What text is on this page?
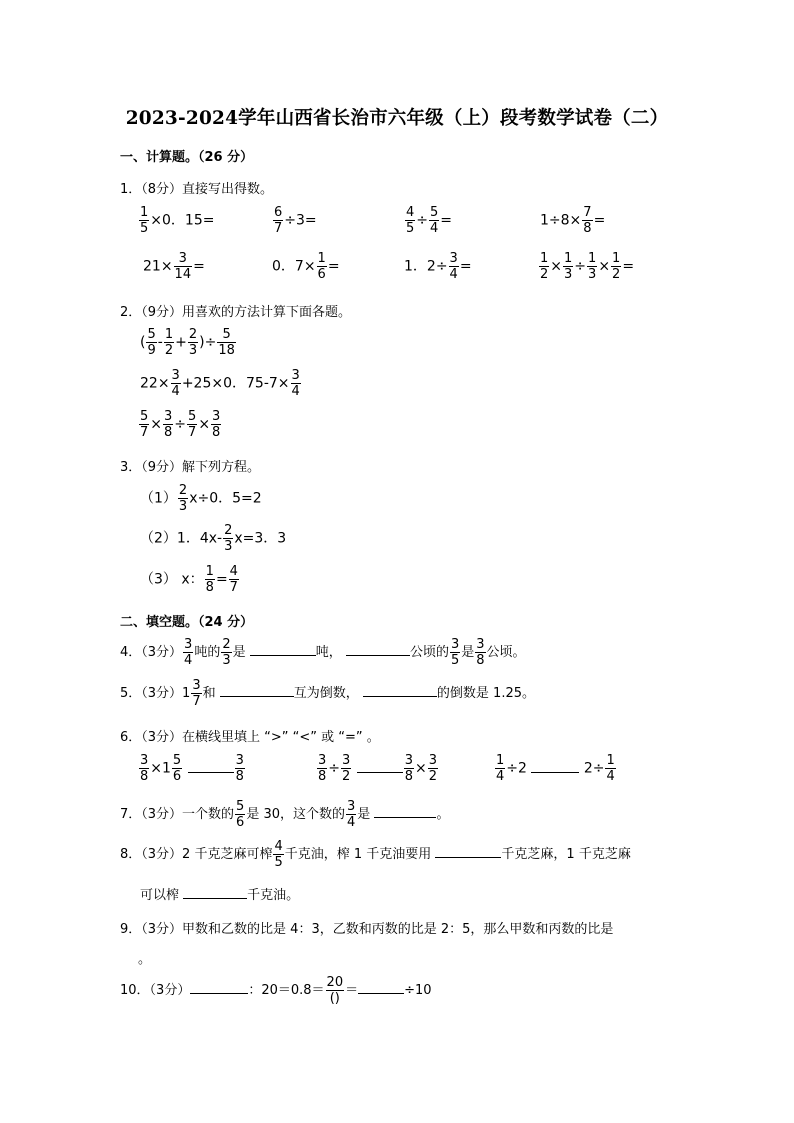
2023-2024学年山西省长治市六年级（上）段考数学试卷（二）
一、计算题。（26 分）
1．（8分）直接写出得数。
$\frac{1}{5} \times 0$．15=	$\frac{6}{7} \div 3=$	$\frac{4}{5} \div \frac{5}{4}$ =	$1\div 8\times \frac{7}{8}$ =
$21\times \frac{3}{14}$ =	0．$7\times \frac{1}{6}$ =	1．$2\div \frac{3}{4}$ =	$\frac{1}{2} \times \frac{1}{3} \div \frac{1}{3} \times \frac{1}{2}$ =
2．（9分）用喜欢的方法计算下面各题。
( $\frac{5}{9} - \frac{1}{2} + \frac{2}{3}$ )÷ $\frac{5}{18}$
$22\times \frac{3}{4} +25\times 0$．$75-7\times \frac{3}{4}$
$\frac{5}{7} \times \frac{3}{8} \div \frac{5}{7} \times \frac{3}{8}$
3．（9分）解下列方程。
$(1) \frac{2}{3} x\div 0$．5=2
（2）1．$4x- \frac{2}{3} x=3$．3
（3） x： $\frac{1}{8} = \frac{4}{7}$
二、填空题。（24 分）
4．（3分） $\frac{3}{4}$ 吨的 $\frac{2}{3}$ 是	吨，	公顷的 $\frac{3}{5}$ 是 $\frac{3}{8}$ 公顷。
5．（3分）$1 \frac{3}{7}$ 和	互为倒数，	的倒数是 1.25。
6．（3分）在横线里填上 “>” “<” 或 “=” 。
$\frac{3}{8} \times 1 \frac{5}{6}$
	$\frac{3}{8}$	$\frac{3}{8} \div \frac{3}{2}$
	$\frac{3}{8} \times \frac{3}{2}$	$\frac{1}{4} \div 2$	$2\div \frac{1}{4}$
7．（3分）一个数的 $\frac{5}{6}$ 是 30，这个数的 $\frac{3}{4}$ 是	。
8．（3分）2 千克芝麻可榨 $\frac{4}{5}$ 千克油，榨 1 千克油要用	千克芝麻，1 千克芝麻
可以榨	千克油。
9．（3分）甲数和乙数的比是 4：3，乙数和丙数的比是 2：5，那么甲数和丙数的比是
。
10．（3分）	：20＝0.8＝
20
()
＝	÷10
